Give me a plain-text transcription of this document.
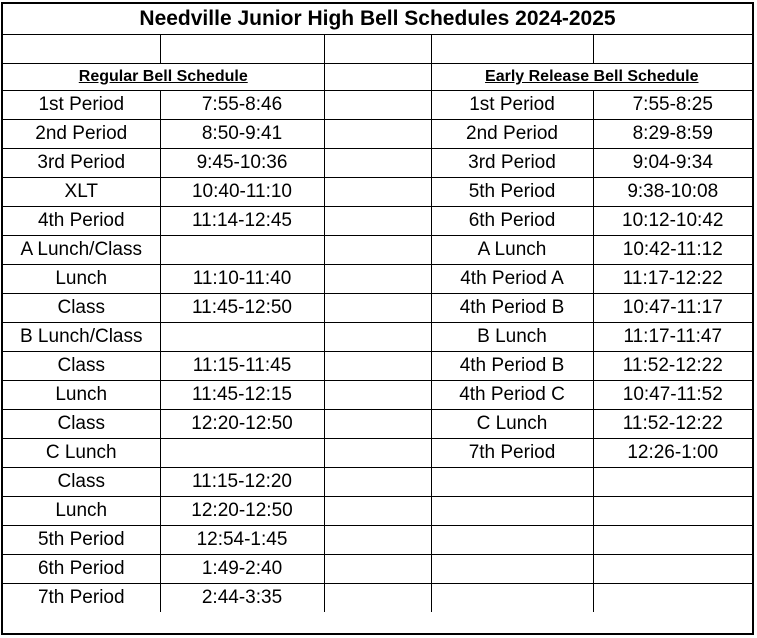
Needville Junior High Bell Schedules 2024-2025				

Regular Bell Schedule			Early Release Bell Schedule	
1st Period	7:55-8:46		1st Period	7:55-8:25
2nd Period	8:50-9:41		2nd Period	8:29-8:59
3rd Period	9:45-10:36		3rd Period	9:04-9:34
XLT	10:40-11:10		5th Period	9:38-10:08
4th Period	11:14-12:45		6th Period	10:12-10:42
A Lunch/Class			A Lunch	10:42-11:12
Lunch	11:10-11:40		4th Period A	11:17-12:22
Class	11:45-12:50		4th Period B	10:47-11:17
B Lunch/Class			B Lunch	11:17-11:47
Class	11:15-11:45		4th Period B	11:52-12:22
Lunch	11:45-12:15		4th Period C	10:47-11:52
Class	12:20-12:50		C Lunch	11:52-12:22
C Lunch			7th Period	12:26-1:00
Class	11:15-12:20			
Lunch	12:20-12:50			
5th Period	12:54-1:45			
6th Period	1:49-2:40			
7th Period	2:44-3:35			
